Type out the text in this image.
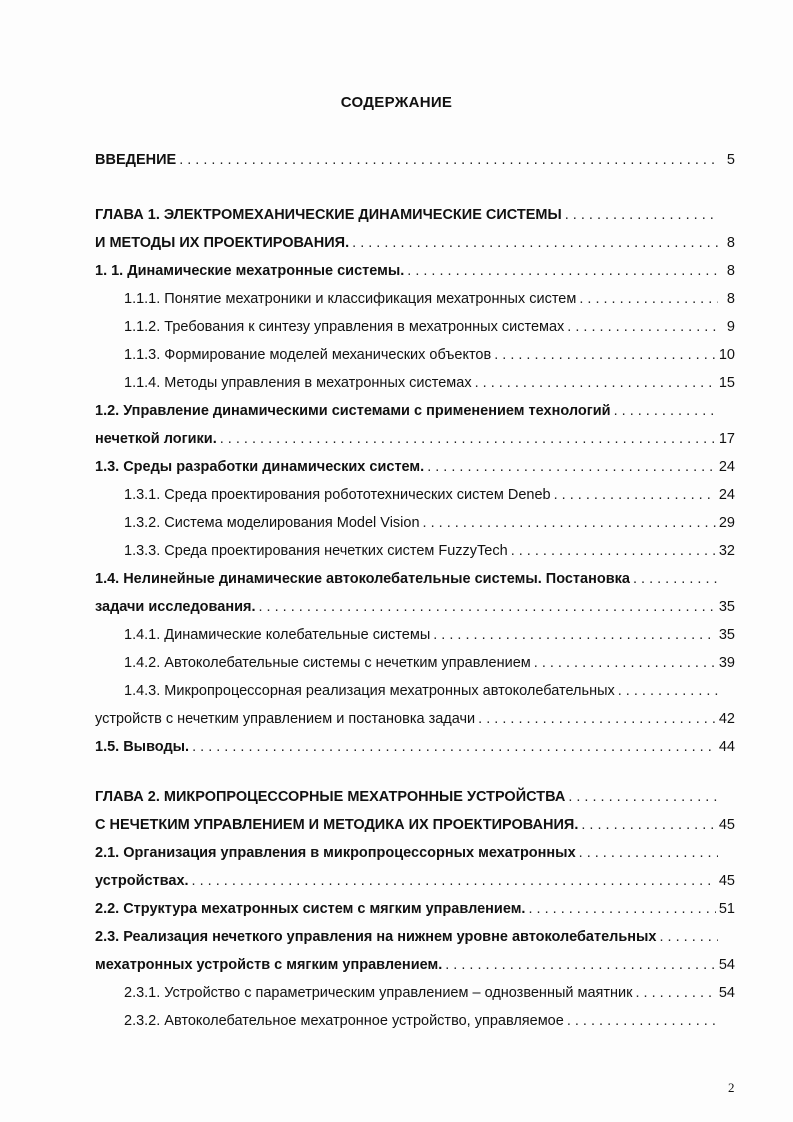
СОДЕРЖАНИЕ
ВВЕДЕНИЕ . . .	5
ГЛАВА 1. ЭЛЕКТРОМЕХАНИЧЕСКИЕ ДИНАМИЧЕСКИЕ СИСТЕМЫ
. . .
И МЕТОДЫ ИХ ПРОЕКТИРОВАНИЯ. . . .	8
1. 1. Динамические мехатронные системы. . . .	8
1.1.1. Понятие мехатроники и классификация мехатронных систем . . .	8
1.1.2. Требования к синтезу управления в мехатронных системах . . .	9
1.1.3. Формирование моделей механических объектов . . .	10
1.1.4. Методы управления в мехатронных системах . . .	15
1.2. Управление динамическими системами с применением технологий
. . .
нечеткой логики. . . .	17
1.3. Среды разработки динамических систем. . . .	24
1.3.1. Среда проектирования робототехнических систем Deneb . . .	24
1.3.2. Система моделирования Model Vision . . .	29
1.3.3. Среда проектирования нечетких систем FuzzyTech . . .	32
1.4. Нелинейные динамические автоколебательные системы. Постановка
. . .
задачи исследования. . . .	35
1.4.1. Динамические колебательные системы . . .	35
1.4.2. Автоколебательные системы с нечетким управлением . . .	39
1.4.3. Микропроцессорная реализация мехатронных автоколебательных
. . .
устройств с нечетким управлением и постановка задачи . . .	42
1.5. Выводы. . . .	44
ГЛАВА 2. МИКРОПРОЦЕССОРНЫЕ МЕХАТРОННЫЕ УСТРОЙСТВА
. . .
С НЕЧЕТКИМ УПРАВЛЕНИЕМ И МЕТОДИКА ИХ ПРОЕКТИРОВАНИЯ. . . .	45
2.1. Организация управления в микропроцессорных мехатронных
. . .
устройствах. . . .	45
2.2. Структура мехатронных систем с мягким управлением. . . .	51
2.3. Реализация нечеткого управления на нижнем уровне автоколебательных
. . .
мехатронных устройств с мягким управлением. . . .	54
2.3.1. Устройство с параметрическим управлением – однозвенный маятник . . .	54
2.3.2. Автоколебательное мехатронное устройство, управляемое
. . .
2
